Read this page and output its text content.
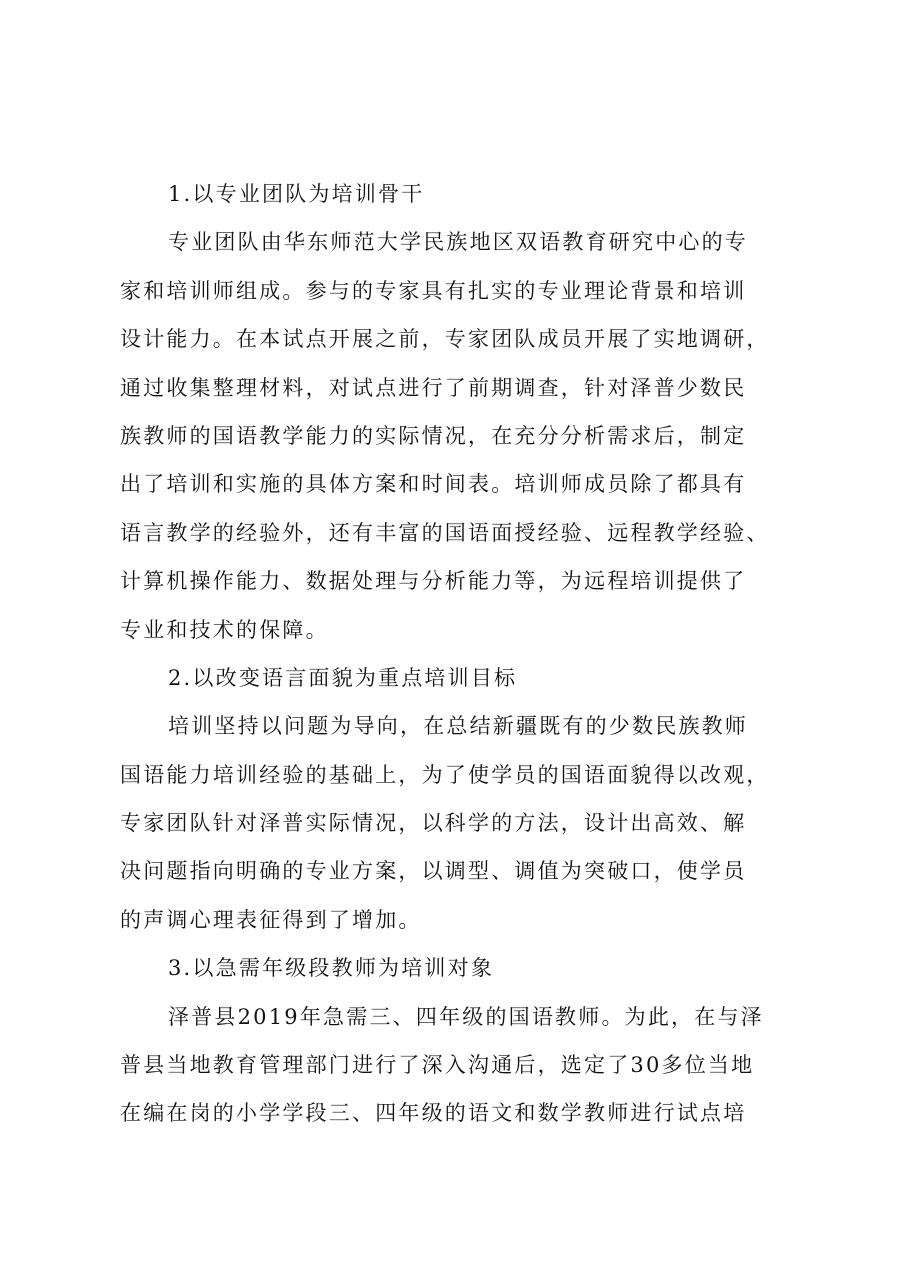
1.以专业团队为培训骨干
专业团队由华东师范大学民族地区双语教育研究中心的专
家和培训师组成。参与的专家具有扎实的专业理论背景和培训
设计能力。在本试点开展之前，专家团队成员开展了实地调研，
通过收集整理材料，对试点进行了前期调查，针对泽普少数民
族教师的国语教学能力的实际情况，在充分分析需求后，制定
出了培训和实施的具体方案和时间表。培训师成员除了都具有
语言教学的经验外，还有丰富的国语面授经验、远程教学经验、
计算机操作能力、数据处理与分析能力等，为远程培训提供了
专业和技术的保障。
2.以改变语言面貌为重点培训目标
培训坚持以问题为导向，在总结新疆既有的少数民族教师
国语能力培训经验的基础上，为了使学员的国语面貌得以改观，
专家团队针对泽普实际情况，以科学的方法，设计出高效、解
决问题指向明确的专业方案，以调型、调值为突破口，使学员
的声调心理表征得到了增加。
3.以急需年级段教师为培训对象
泽普县2019年急需三、四年级的国语教师。为此，在与泽
普县当地教育管理部门进行了深入沟通后，选定了30多位当地
在编在岗的小学学段三、四年级的语文和数学教师进行试点培
